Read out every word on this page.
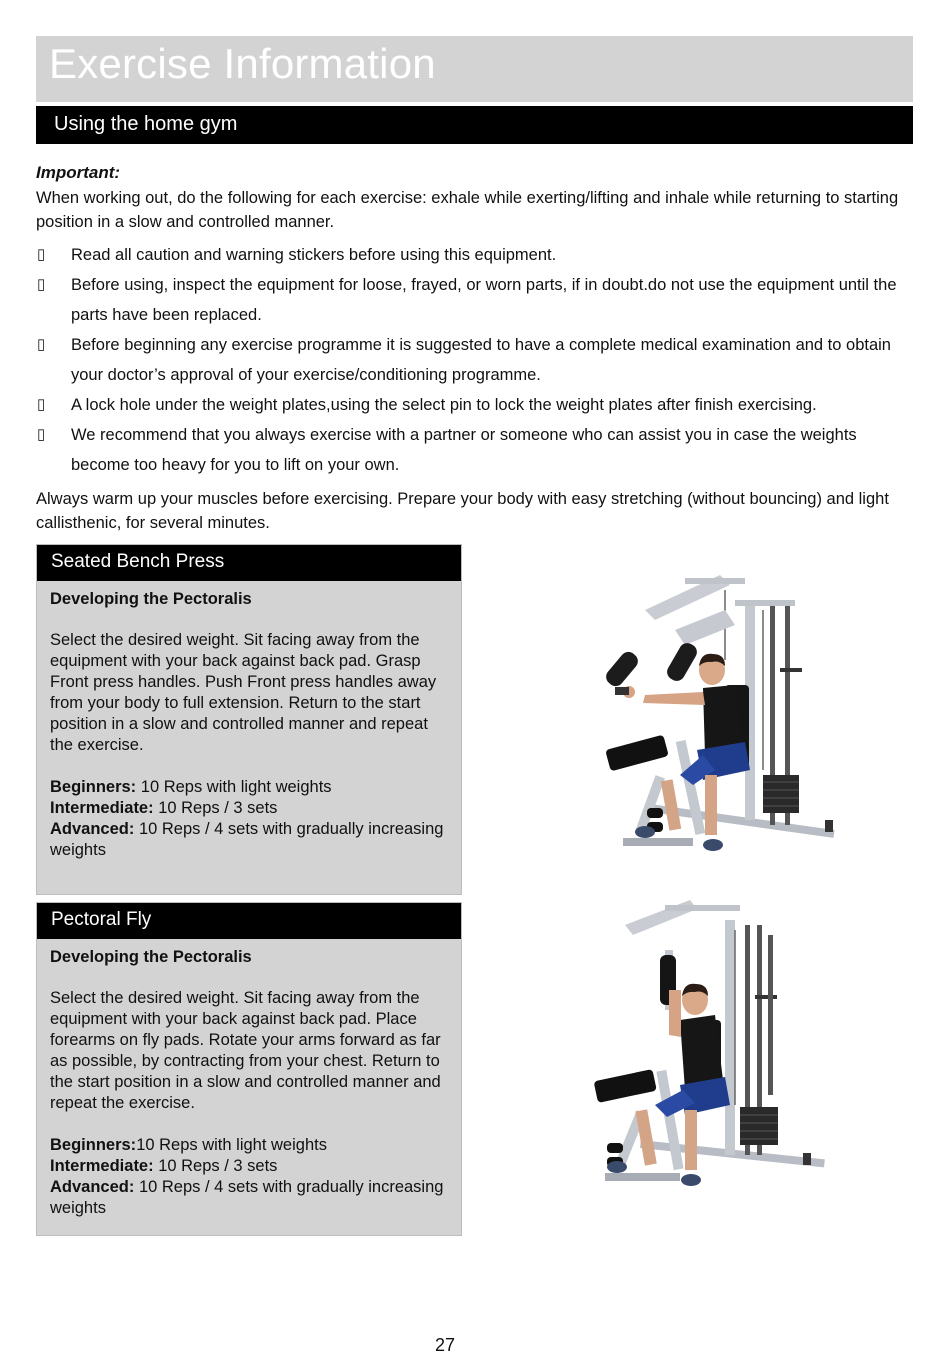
Exercise Information
Using the home gym
Important:
When working out, do the following for each exercise: exhale while exerting/lifting and inhale while returning to starting position in a slow and controlled manner.
▯ Read all caution and warning stickers before using this equipment.
▯ Before using, inspect the equipment for loose, frayed, or worn parts, if in doubt.do not use the equipment until the parts have been replaced.
▯ Before beginning any exercise programme it is suggested to have a complete medical examination and to obtain your doctor’s approval of your exercise/conditioning programme.
▯ A lock hole under the weight plates,using the select pin to lock the weight plates after finish exercising.
▯ We recommend that you always exercise with a partner or someone who can assist you in case the weights become too heavy for you to lift on your own.
Always warm up your muscles before exercising. Prepare your body with easy stretching (without bouncing) and light callisthenic, for several minutes.
Seated Bench Press
Developing the Pectoralis
Select the desired weight. Sit facing away from the equipment with your back against back pad. Grasp Front press handles. Push Front press handles away from your body to full extension. Return to the start position in a slow and controlled manner and repeat the exercise.
Beginners: 10 Reps with light weights
Intermediate: 10 Reps / 3 sets
Advanced: 10 Reps / 4 sets with gradually increasing weights
Pectoral Fly
Developing the Pectoralis
Select the desired weight. Sit facing away from the equipment with your back against back pad. Place forearms on fly pads. Rotate your arms forward as far as possible, by contracting from your chest. Return to the start position in a slow and controlled manner and repeat the exercise.
Beginners:10 Reps with light weights
Intermediate: 10 Reps / 3 sets
Advanced: 10 Reps / 4 sets with gradually increasing weights
27
